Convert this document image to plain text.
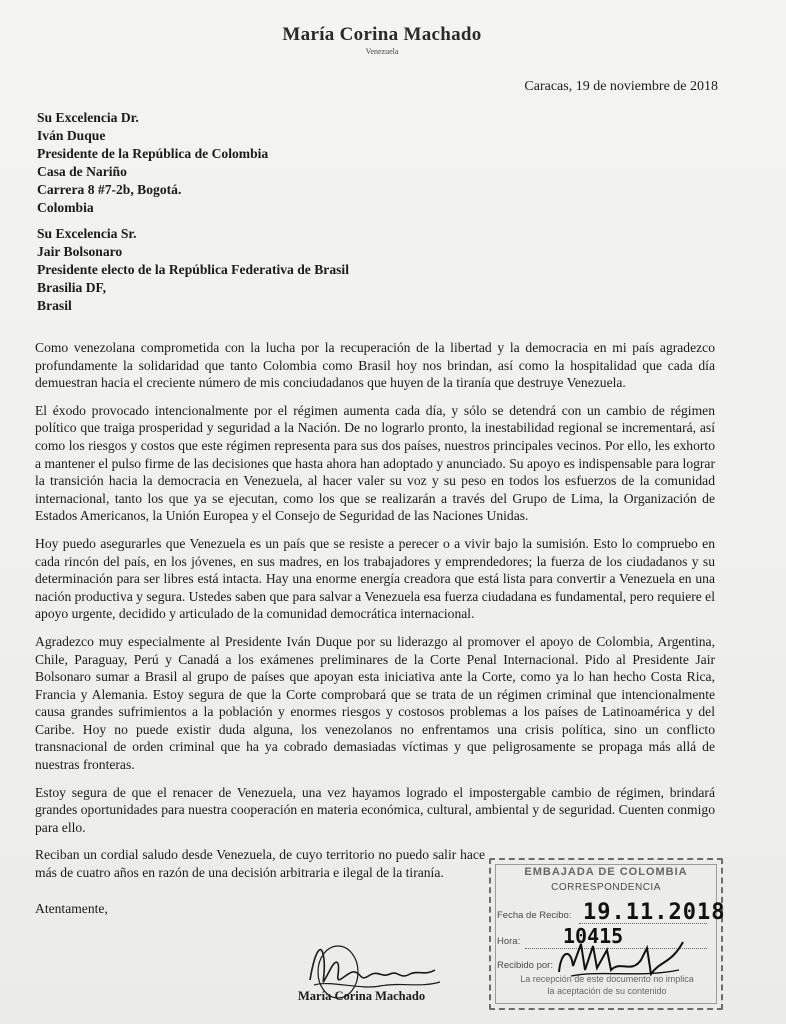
María Corina Machado
Venezuela
Caracas, 19 de noviembre de 2018
Su Excelencia Dr.
Iván Duque
Presidente de la República de Colombia
Casa de Nariño
Carrera 8 #7-2b, Bogotá.
Colombia
Su Excelencia Sr.
Jair Bolsonaro
Presidente electo de la República Federativa de Brasil
Brasilia DF,
Brasil

Como venezolana comprometida con la lucha por la recuperación de la libertad y la democracia en mi país agradezco profundamente la solidaridad que tanto Colombia como Brasil hoy nos brindan, así como la hospitalidad que cada día demuestran hacia el creciente número de mis conciudadanos que huyen de la tiranía que destruye Venezuela.

El éxodo provocado intencionalmente por el régimen aumenta cada día, y sólo se detendrá con un cambio de régimen político que traiga prosperidad y seguridad a la Nación. De no lograrlo pronto, la inestabilidad regional se incrementará, así como los riesgos y costos que este régimen representa para sus dos países, nuestros principales vecinos. Por ello, les exhorto a mantener el pulso firme de las decisiones que hasta ahora han adoptado y anunciado. Su apoyo es indispensable para lograr la transición hacia la democracia en Venezuela, al hacer valer su voz y su peso en todos los esfuerzos de la comunidad internacional, tanto los que ya se ejecutan, como los que se realizarán a través del Grupo de Lima, la Organización de Estados Americanos, la Unión Europea y el Consejo de Seguridad de las Naciones Unidas.

Hoy puedo asegurarles que Venezuela es un país que se resiste a perecer o a vivir bajo la sumisión. Esto lo compruebo en cada rincón del país, en los jóvenes, en sus madres, en los trabajadores y emprendedores; la fuerza de los ciudadanos y su determinación para ser libres está intacta. Hay una enorme energía creadora que está lista para convertir a Venezuela en una nación productiva y segura. Ustedes saben que para salvar a Venezuela esa fuerza ciudadana es fundamental, pero requiere el apoyo urgente, decidido y articulado de la comunidad democrática internacional.

Agradezco muy especialmente al Presidente Iván Duque por su liderazgo al promover el apoyo de Colombia, Argentina, Chile, Paraguay, Perú y Canadá a los exámenes preliminares de la Corte Penal Internacional. Pido al Presidente Jair Bolsonaro sumar a Brasil al grupo de países que apoyan esta iniciativa ante la Corte, como ya lo han hecho Costa Rica, Francia y Alemania. Estoy segura de que la Corte comprobará que se trata de un régimen criminal que intencionalmente causa grandes sufrimientos a la población y enormes riesgos y costosos problemas a los países de Latinoamérica y del Caribe. Hoy no puede existir duda alguna, los venezolanos no enfrentamos una crisis política, sino un conflicto transnacional de orden criminal que ha ya cobrado demasiadas víctimas y que peligrosamente se propaga más allá de nuestras fronteras.

Estoy segura de que el renacer de Venezuela, una vez hayamos logrado el impostergable cambio de régimen, brindará grandes oportunidades para nuestra cooperación en materia económica, cultural, ambiental y de seguridad. Cuenten conmigo para ello.

Reciban un cordial saludo desde Venezuela, de cuyo territorio no puedo salir hace más de cuatro años en razón de una decisión arbitraria e ilegal de la tiranía.

Atentamente,
María Corina Machado
EMBAJADA DE COLOMBIA
CORRESPONDENCIA
Fecha de Recibo: 19.11.2018
Hora: 10415
Recibido por:
La recepción de este documento no implica
la aceptación de su contenido
